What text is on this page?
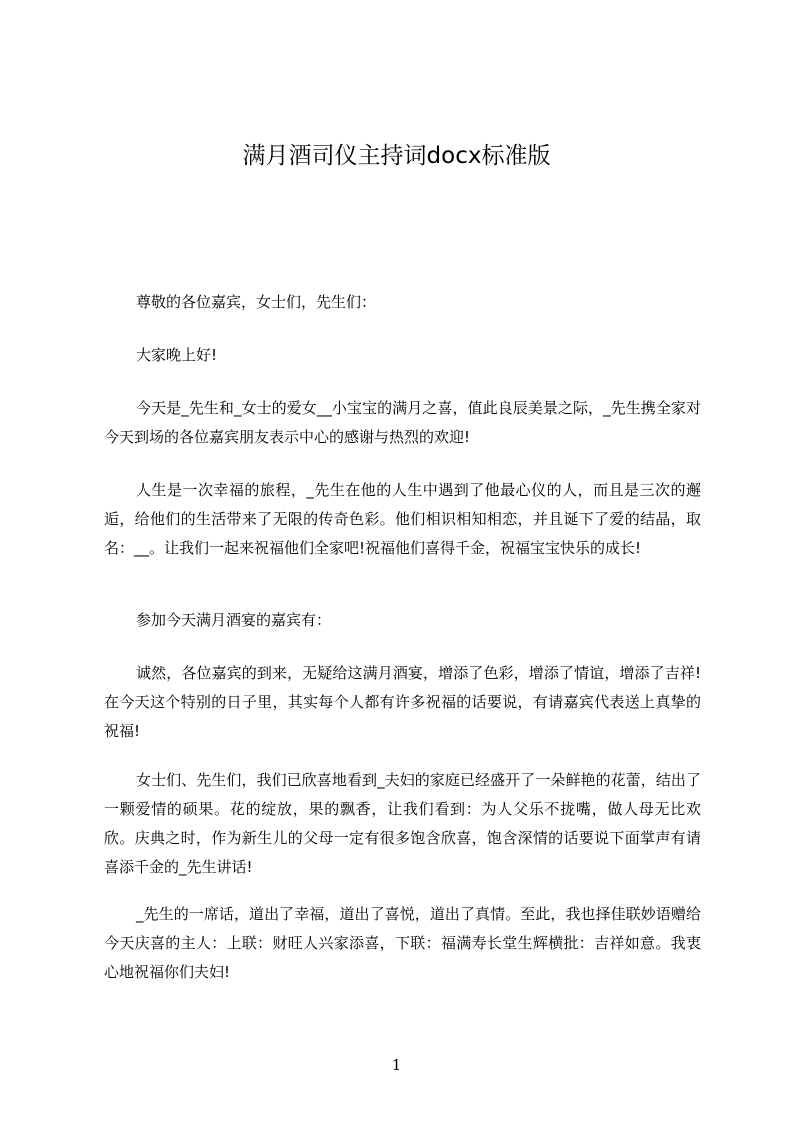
满月酒司仪主持词docx标准版

尊敬的各位嘉宾，女士们，先生们：

大家晚上好!

今天是_先生和_女士的爱女__小宝宝的满月之喜，值此良辰美景之际，_先生携全家对今天到场的各位嘉宾朋友表示中心的感谢与热烈的欢迎!

人生是一次幸福的旅程，_先生在他的人生中遇到了他最心仪的人，而且是三次的邂逅，给他们的生活带来了无限的传奇色彩。他们相识相知相恋，并且诞下了爱的结晶，取名：__。让我们一起来祝福他们全家吧!祝福他们喜得千金，祝福宝宝快乐的成长!

参加今天满月酒宴的嘉宾有：

诚然，各位嘉宾的到来，无疑给这满月酒宴，增添了色彩，增添了情谊，增添了吉祥!在今天这个特别的日子里，其实每个人都有许多祝福的话要说，有请嘉宾代表送上真挚的祝福!

女士们、先生们，我们已欣喜地看到_夫妇的家庭已经盛开了一朵鲜艳的花蕾，结出了一颗爱情的硕果。花的绽放，果的飘香，让我们看到：为人父乐不拢嘴，做人母无比欢欣。庆典之时，作为新生儿的父母一定有很多饱含欣喜，饱含深情的话要说下面掌声有请喜添千金的_先生讲话!

_先生的一席话，道出了幸福，道出了喜悦，道出了真情。至此，我也择佳联妙语赠给今天庆喜的主人：上联：财旺人兴家添喜，下联：福满寿长堂生辉横批：吉祥如意。我衷心地祝福你们夫妇!

1
